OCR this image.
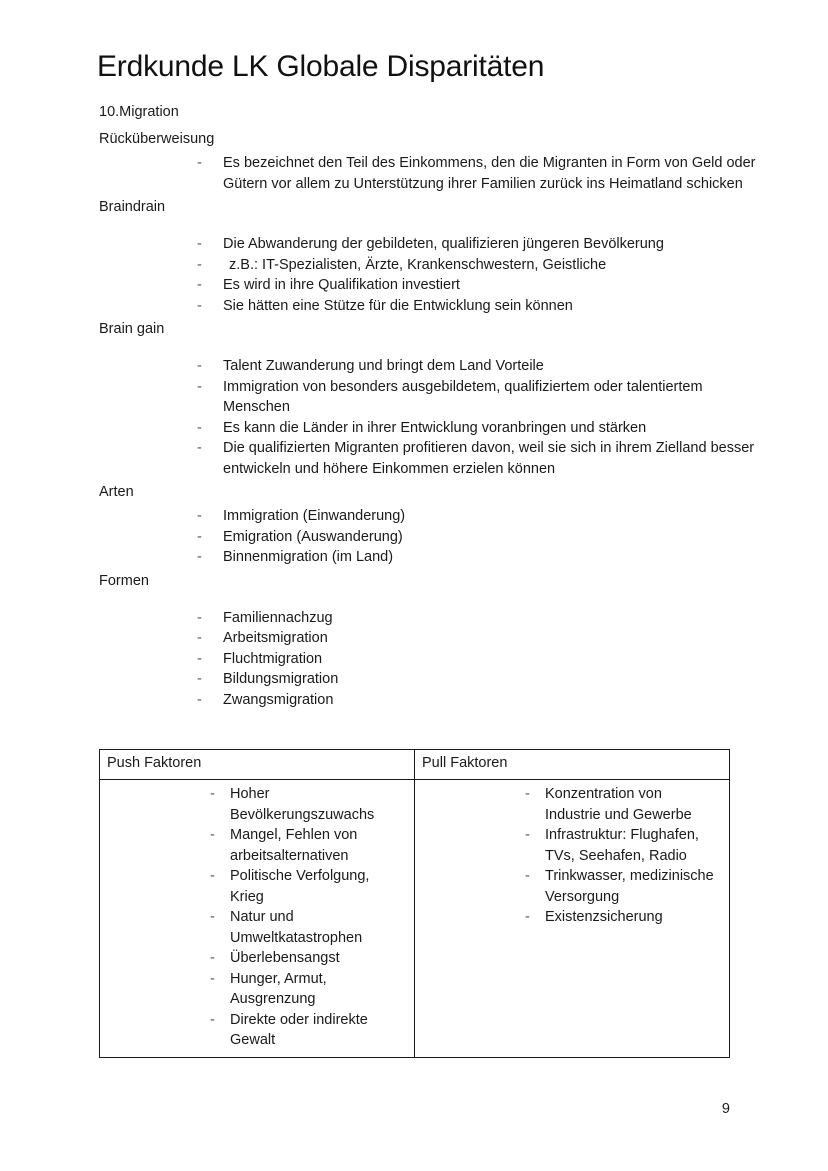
Erdkunde LK Globale Disparitäten
10.Migration
Rücküberweisung
- Es bezeichnet den Teil des Einkommens, den die Migranten in Form von Geld oder Gütern vor allem zu Unterstützung ihrer Familien zurück ins Heimatland schicken
Braindrain
- Die Abwanderung der gebildeten, qualifizieren jüngeren Bevölkerung
- z.B.: IT-Spezialisten, Ärzte, Krankenschwestern, Geistliche
- Es wird in ihre Qualifikation investiert
- Sie hätten eine Stütze für die Entwicklung sein können
Brain gain
- Talent Zuwanderung und bringt dem Land Vorteile
- Immigration von besonders ausgebildetem, qualifiziertem oder talentiertem Menschen
- Es kann die Länder in ihrer Entwicklung voranbringen und stärken
- Die qualifizierten Migranten profitieren davon, weil sie sich in ihrem Zielland besser entwickeln und höhere Einkommen erzielen können
Arten
- Immigration (Einwanderung)
- Emigration (Auswanderung)
- Binnenmigration (im Land)
Formen
- Familiennachzug
- Arbeitsmigration
- Fluchtmigration
- Bildungsmigration
- Zwangsmigration
Push Faktoren	Pull Faktoren

- Hoher Bevölkerungszuwachs
- Mangel, Fehlen von arbeitsalternativen
- Politische Verfolgung, Krieg
- Natur und Umweltkatastrophen
- Überlebensangst
- Hunger, Armut, Ausgrenzung
- Direkte oder indirekte Gewalt

- Konzentration von Industrie und Gewerbe
- Infrastruktur: Flughafen, TVs, Seehafen, Radio
- Trinkwasser, medizinische Versorgung
- Existenzsicherung
9
